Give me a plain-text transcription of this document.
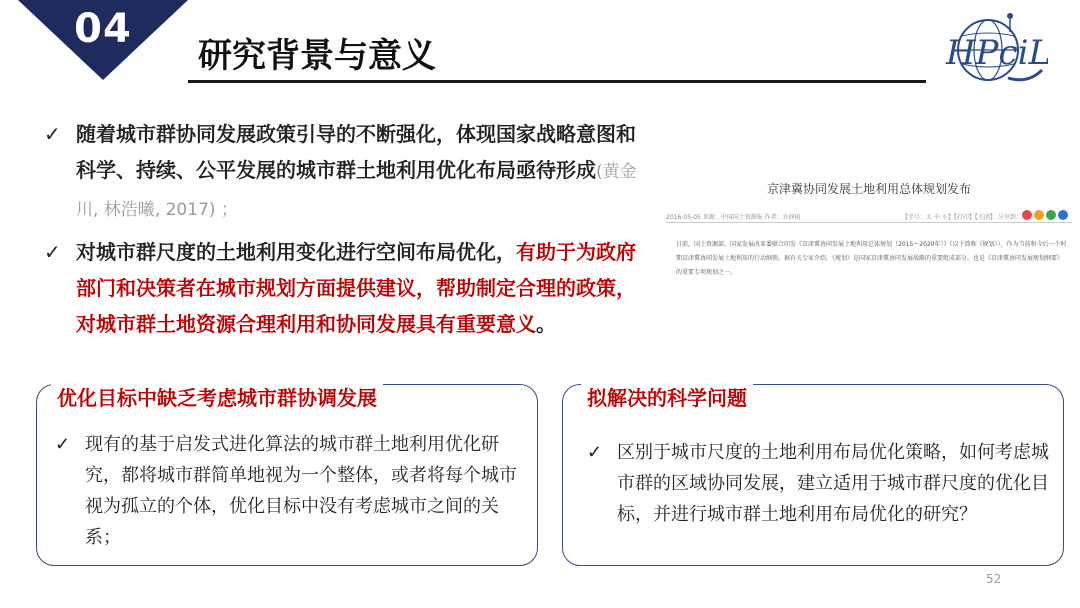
04
研究背景与意义	HPciL
✓ 随着城市群协同发展政策引导的不断强化，体现国家战略意图和科学、持续、公平发展的城市群土地利用优化布局亟待形成(黄金川, 林浩曦, 2017) ；
✓ 对城市群尺度的土地利用变化进行空间布局优化，有助于为政府部门和决策者在城市规划方面提供建议，帮助制定合理的政策，对城市群土地资源合理利用和协同发展具有重要意义。
京津冀协同发展土地利用总体规划发布
2016-05-05 来源：中国国土资源报 作者：乔润雨	【字号：大 中 小】【打印】【关闭】 分享到：
日前，国土资源部、国家发展改革委联合印发《京津冀协同发展土地利用总体规划（2015～2020年）》（以下简称《规划》），作为当前和今后一个时期京津冀协同发展土地利用的行动纲领。据有关专家介绍，《规划》是国家京津冀协同发展战略的重要组成部分，也是《京津冀协同发展规划纲要》的重要专项规划之一。
优化目标中缺乏考虑城市群协调发展
✓ 现有的基于启发式进化算法的城市群土地利用优化研究，都将城市群简单地视为一个整体，或者将每个城市视为孤立的个体，优化目标中没有考虑城市之间的关系；
拟解决的科学问题
✓ 区别于城市尺度的土地利用布局优化策略，如何考虑城市群的区域协同发展，建立适用于城市群尺度的优化目标，并进行城市群土地利用布局优化的研究？
52
